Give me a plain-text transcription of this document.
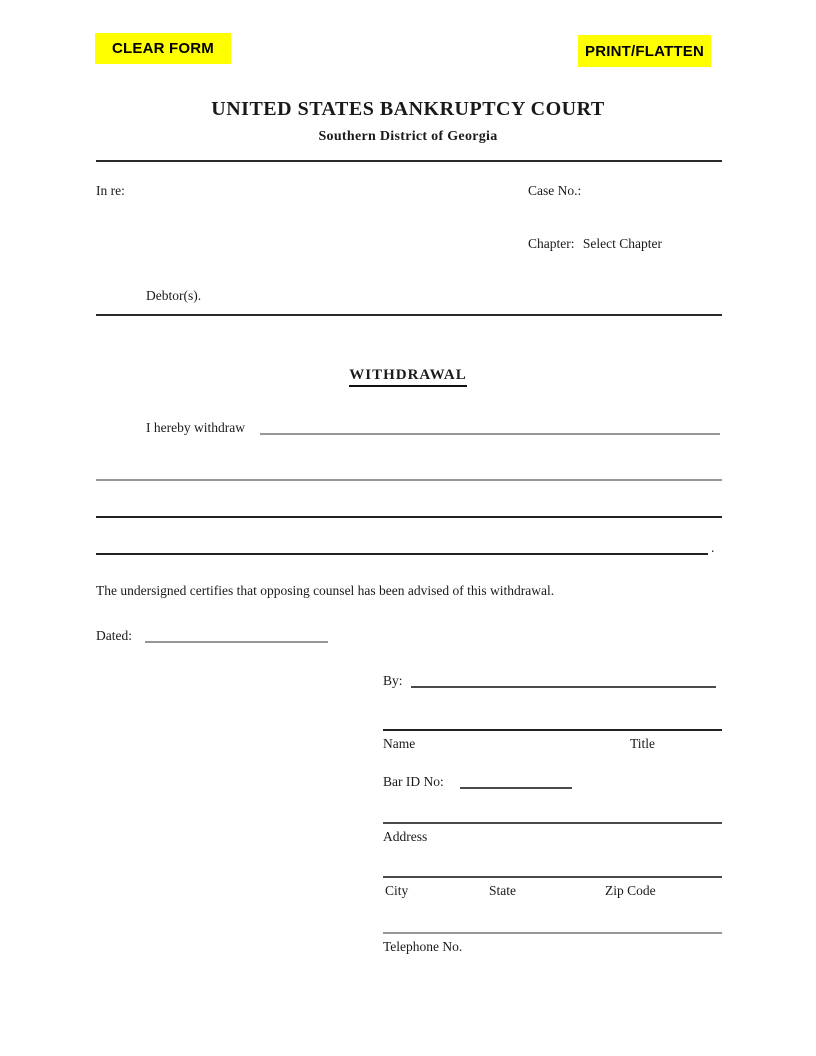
CLEAR FORM	PRINT/FLATTEN
UNITED STATES BANKRUPTCY COURT
Southern District of Georgia
In re:	Case No.:
Chapter: Select Chapter
Debtor(s).
WITHDRAWAL
I hereby withdraw
.
The undersigned certifies that opposing counsel has been advised of this withdrawal.
Dated:
By:
Name	Title
Bar ID No:
Address
City	State	Zip Code
Telephone No.
